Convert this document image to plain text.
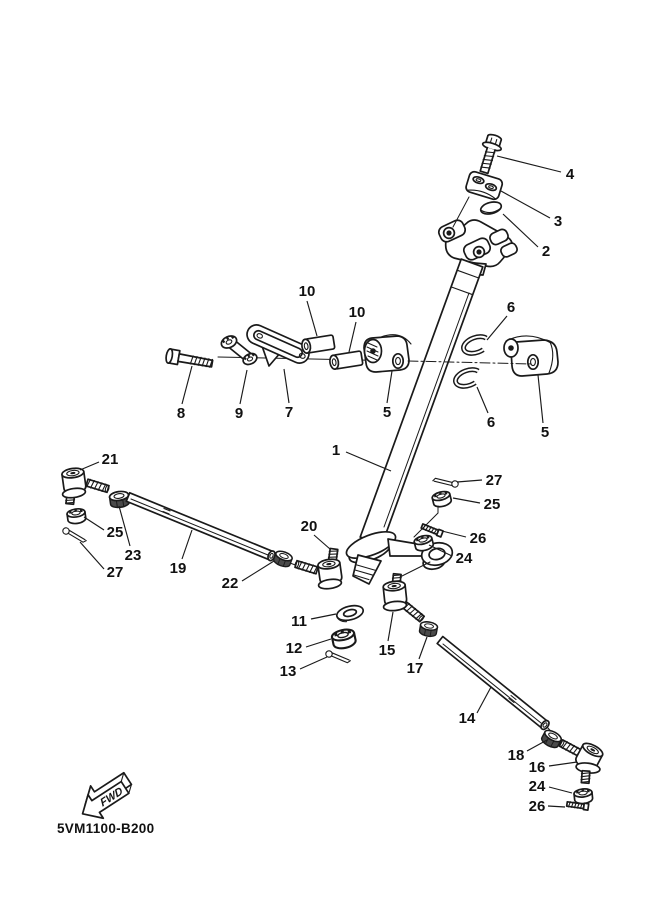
1
2
3
4
5
5
6
6
7
8	9
10
10
11
12
13
14
15
16
17
18
19
20
21
22
23	24
24
25
25
26
26
27
27
FWD
5VM1100-B200
